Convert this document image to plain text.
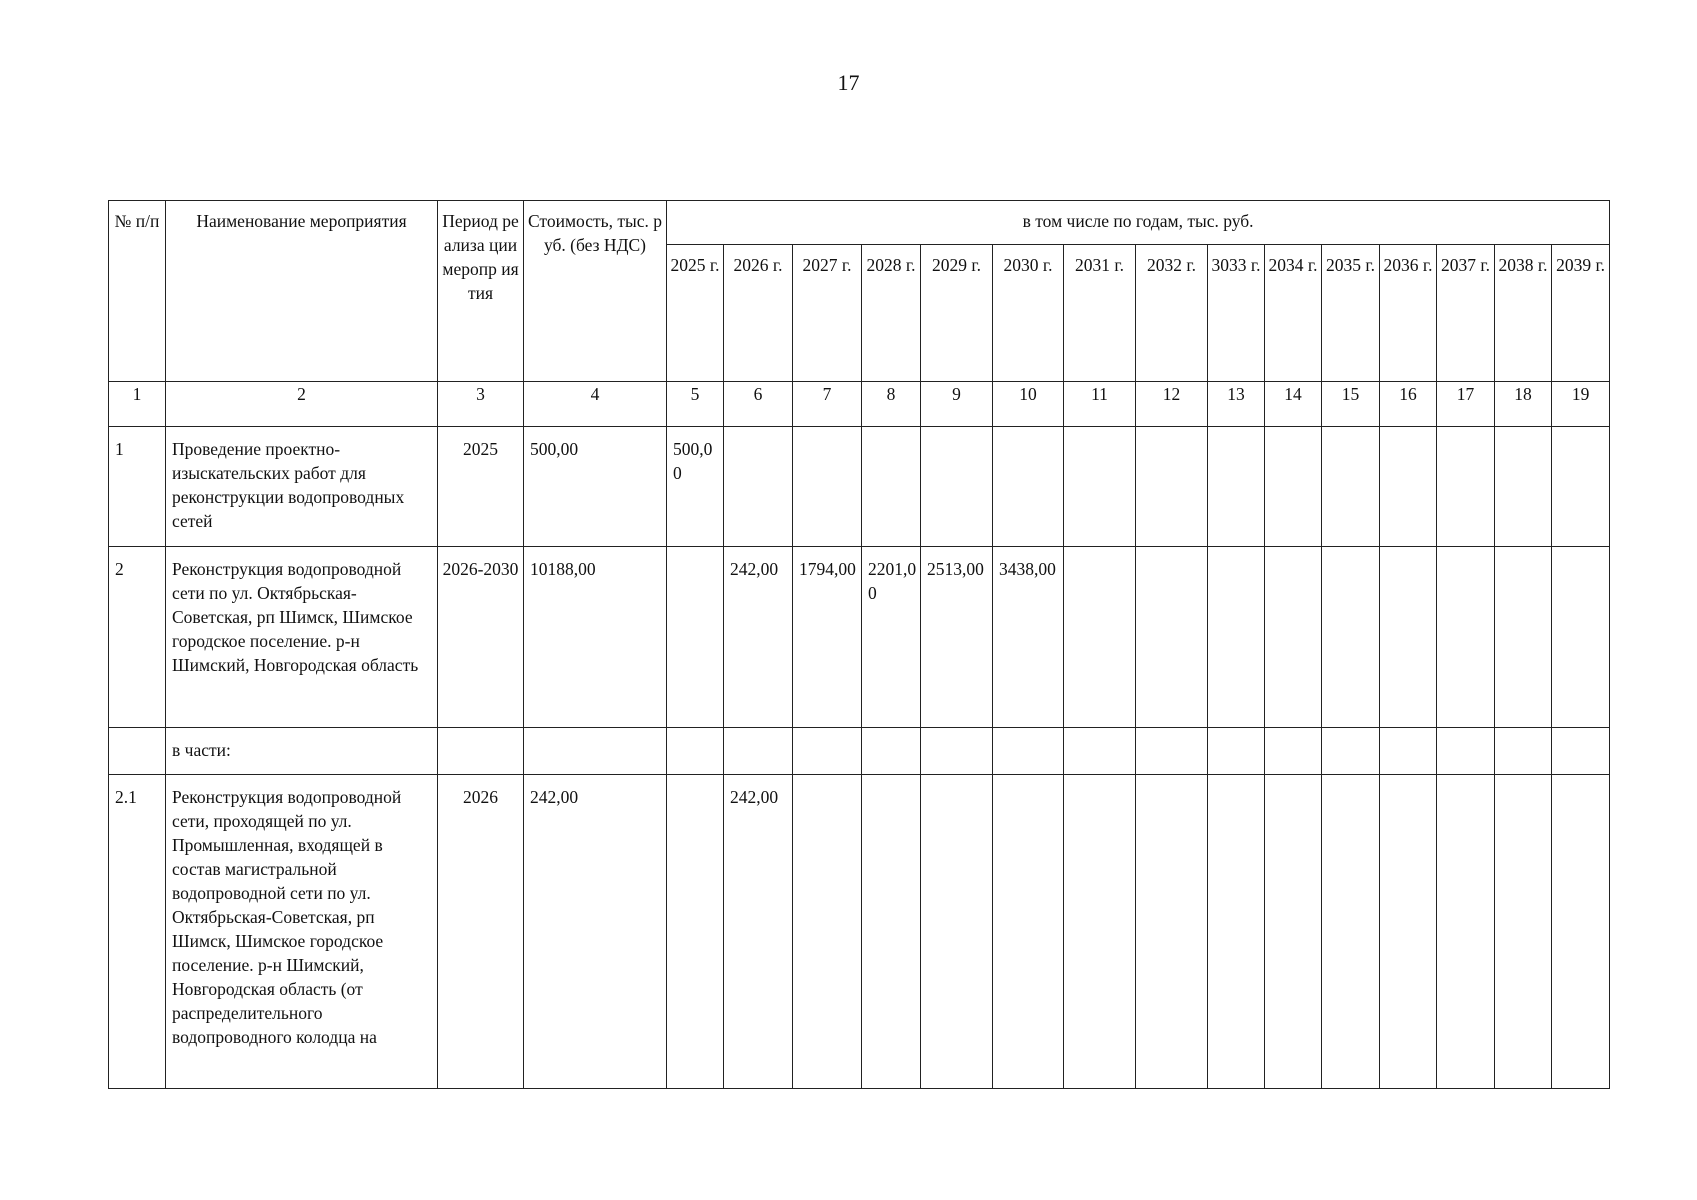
17
№ п/п	Наименование мероприятия	Период реализа ции меропр иятия	Стоимость, тыс. руб. (без НДС)	в том числе по годам, тыс. руб.														
				2025 г.	2026 г.	2027 г.	2028 г.	2029 г.	2030 г.	2031 г.	2032 г.	3033 г.	2034 г.	2035 г.	2036 г.	2037 г.	2038 г.	2039 г.
1	2	3	4	5	6	7	8	9	10	11	12	13	14	15	16	17	18	19
1	Проведение проектно-изыскательских работ для реконструкции водопроводных сетей	2025	500,00	500,00														
2	Реконструкция водопроводной сети по ул. Октябрьская-Советская, рп Шимск, Шимское городское поселение. р-н Шимский, Новгородская область	2026-2030	10188,00		242,00	1794,00	2201,00	2513,00	3438,00									
	в части:																	
2.1	Реконструкция водопроводной сети, проходящей по ул. Промышленная, входящей в состав магистральной водопроводной сети по ул. Октябрьская-Советская, рп Шимск, Шимское городское поселение. р-н Шимский, Новгородская область (от распределительного водопроводного колодца на	2026	242,00		242,00													
